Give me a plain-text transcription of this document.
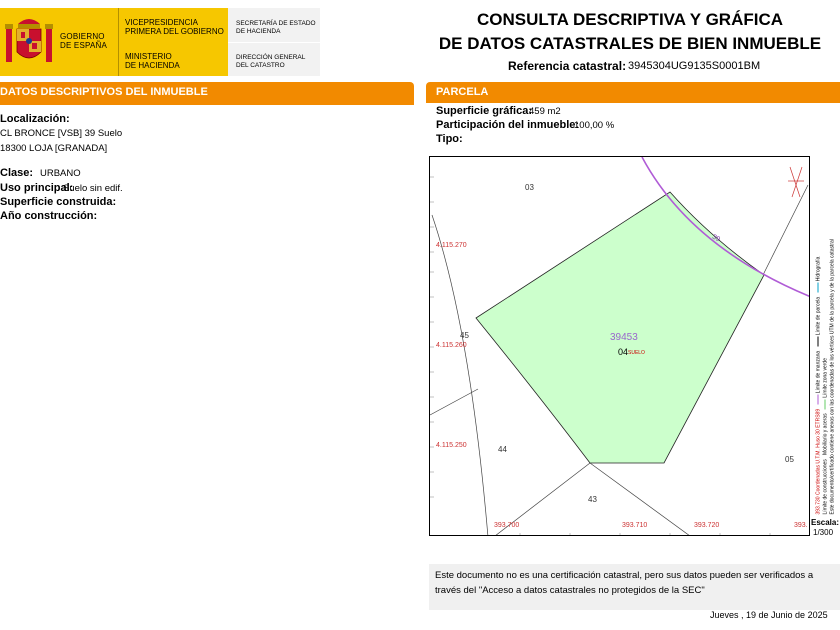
GOBIERNO
DE ESPAÑA
VICEPRESIDENCIA
PRIMERA DEL GOBIERNO
MINISTERIO
DE HACIENDA
SECRETARÍA DE ESTADO
DE HACIENDA
DIRECCIÓN GENERAL
DEL CATASTRO
CONSULTA DESCRIPTIVA Y GRÁFICA
DE DATOS CATASTRALES DE BIEN INMUEBLE
Referencia catastral: 3945304UG9135S0001BM
DATOS DESCRIPTIVOS DEL INMUEBLE
Localización:
CL BRONCE [VSB] 39 Suelo
18300 LOJA [GRANADA]
Clase: URBANO
Uso principal:
Suelo sin edif.
Superficie construida:
Año construcción:
PARCELA
Superficie gráfica:
459 m2
Participación del inmueble:
100,00 %
Tipo:
39
39453
04 SUELO
03
45
44
43
05
4.115.270
4.115.260
4.115.250
393.700	393.710	393.720	393.
393.730 Coordenadas U.T.M. Huso 30 ETRS89    Límite de manzana    Límite de parcela    Hidrografía
Límite de construcciones   Mobiliario y aceras    Límite zona verde Este documento/certificado contiene anexos con las coordenadas de los vértices UTM de la parcela y de la parcela catastral
Escala:
1/300
Este documento no es una certificación catastral, pero sus datos pueden ser verificados a través del "Acceso a datos catastrales no protegidos de la SEC"
Jueves , 19 de Junio de 2025
